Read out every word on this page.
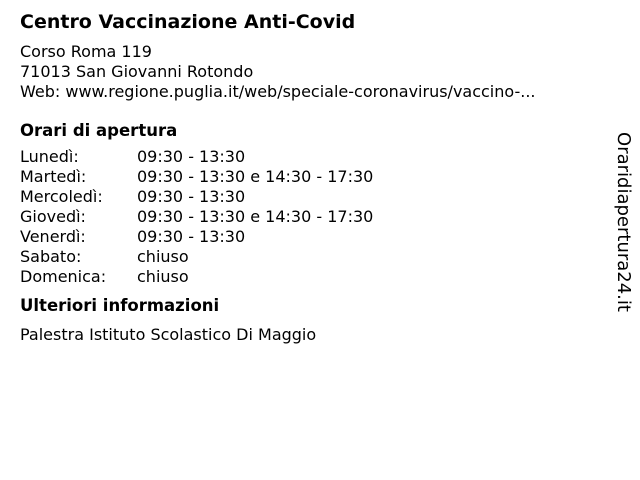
Centro Vaccinazione Anti-Covid
Corso Roma 119
71013 San Giovanni Rotondo
Web: www.regione.puglia.it/web/speciale-coronavirus/vaccino-...
Orari di apertura
Lunedì:	09:30 - 13:30
Martedì:	09:30 - 13:30 e 14:30 - 17:30
Mercoledì:	09:30 - 13:30
Giovedì:	09:30 - 13:30 e 14:30 - 17:30
Venerdì:	09:30 - 13:30
Sabato:	chiuso
Domenica:	chiuso
Ulteriori informazioni
Palestra Istituto Scolastico Di Maggio
Oraridiapertura24.it
